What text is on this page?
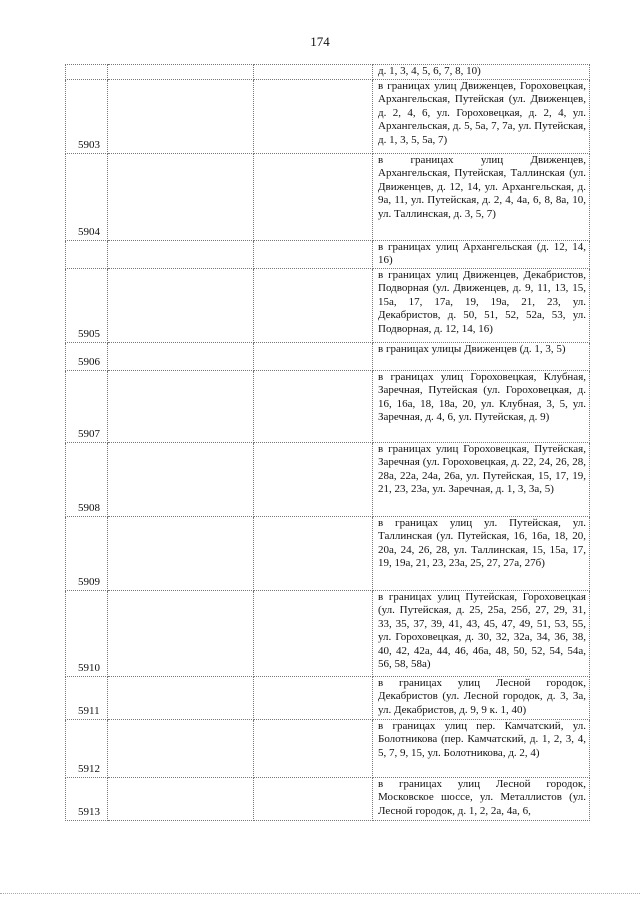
174
			д. 1, 3, 4, 5, 6, 7, 8, 10)
5903			в границах улиц Движенцев, Гороховецкая, Архангельская, Путейская (ул. Движенцев, д. 2, 4, 6, ул. Гороховецкая, д. 2, 4, ул. Архангельская, д. 5, 5а, 7, 7а, ул. Путейская, д. 1, 3, 5, 5а, 7)
5904			в границах улиц Движенцев, Архангельская, Путейская, Таллинская (ул. Движенцев, д. 12, 14, ул. Архангельская, д. 9а, 11, ул. Путейская, д. 2, 4, 4а, 6, 8, 8а, 10, ул. Таллинская, д. 3, 5, 7)
			в границах улиц Архангельская (д. 12, 14, 16)
5905			в границах улиц Движенцев, Декабристов, Подворная (ул. Движенцев, д. 9, 11, 13, 15, 15а, 17, 17а, 19, 19а, 21, 23, ул. Декабристов, д. 50, 51, 52, 52а, 53, ул. Подворная, д. 12, 14, 16)
5906			в границах улицы Движенцев (д. 1, 3, 5)
5907			в границах улиц Гороховецкая, Клубная, Заречная, Путейская (ул. Гороховецкая, д. 16, 16а, 18, 18а, 20, ул. Клубная, 3, 5, ул. Заречная, д. 4, 6, ул. Путейская, д. 9)
5908			в границах улиц Гороховецкая, Путейская, Заречная (ул. Гороховецкая, д. 22, 24, 26, 28, 28а, 22а, 24а, 26а, ул. Путейская, 15, 17, 19, 21, 23, 23а, ул. Заречная, д. 1, 3, 3а, 5)
5909			в границах улиц ул. Путейская, ул. Таллинская (ул. Путейская, 16, 16а, 18, 20, 20а, 24, 26, 28, ул. Таллинская, 15, 15а, 17, 19, 19а, 21, 23, 23а, 25, 27, 27а, 27б)
5910			в границах улиц Путейская, Гороховецкая (ул. Путейская, д. 25, 25а, 25б, 27, 29, 31, 33, 35, 37, 39, 41, 43, 45, 47, 49, 51, 53, 55, ул. Гороховецкая, д. 30, 32, 32а, 34, 36, 38, 40, 42, 42а, 44, 46, 46а, 48, 50, 52, 54, 54а, 56, 58, 58а)
5911			в границах улиц Лесной городок, Декабристов (ул. Лесной городок, д. 3, 3а, ул. Декабристов, д. 9, 9 к. 1, 40)
5912			в границах улиц пер. Камчатский, ул. Болотникова (пер. Камчатский, д. 1, 2, 3, 4, 5, 7, 9, 15, ул. Болотникова, д. 2, 4)
5913			в границах улиц Лесной городок, Московское шоссе, ул. Металлистов (ул. Лесной городок, д. 1, 2, 2а, 4а, 6,
